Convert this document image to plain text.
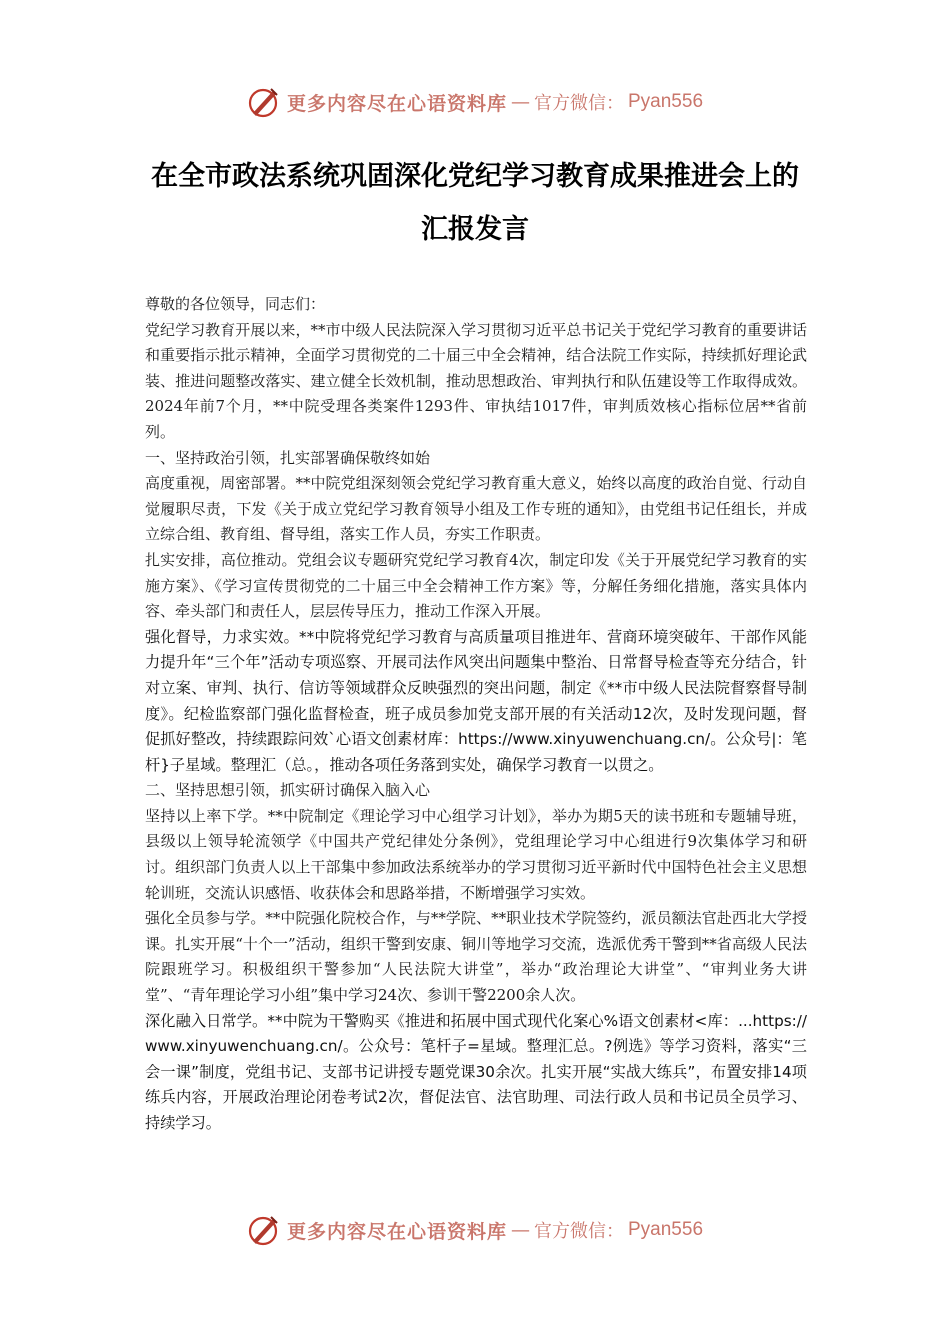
更多内容尽在心语资料库 — 官方微信： Pyan556
在全市政法系统巩固深化党纪学习教育成果推进会上的汇报发言

尊敬的各位领导，同志们：

党纪学习教育开展以来，**市中级人民法院深入学习贯彻习近平总书记关于党纪学习教育的重要讲话和重要指示批示精神，全面学习贯彻党的二十届三中全会精神，结合法院工作实际，持续抓好理论武装、推进问题整改落实、建立健全长效机制，推动思想政治、审判执行和队伍建设等工作取得成效。2024年前7个月，**中院受理各类案件1293件、审执结1017件，审判质效核心指标位居**省前列。

一、坚持政治引领，扎实部署确保敬终如始

高度重视，周密部署。**中院党组深刻领会党纪学习教育重大意义，始终以高度的政治自觉、行动自觉履职尽责，下发《关于成立党纪学习教育领导小组及工作专班的通知》，由党组书记任组长，并成立综合组、教育组、督导组，落实工作人员，夯实工作职责。

扎实安排，高位推动。党组会议专题研究党纪学习教育4次，制定印发《关于开展党纪学习教育的实施方案》、《学习宣传贯彻党的二十届三中全会精神工作方案》等，分解任务细化措施，落实具体内容、牵头部门和责任人，层层传导压力，推动工作深入开展。

强化督导，力求实效。**中院将党纪学习教育与高质量项目推进年、营商环境突破年、干部作风能力提升年“三个年”活动专项巡察、开展司法作风突出问题集中整治、日常督导检查等充分结合，针对立案、审判、执行、信访等领域群众反映强烈的突出问题，制定《**市中级人民法院督察督导制度》。纪检监察部门强化监督检查，班子成员参加党支部开展的有关活动12次，及时发现问题，督促抓好整改，持续跟踪问效`心语文创素材库：https://www.xinyuwenchuang.cn/。公众号|：笔杆}子星域。整理汇（总。，推动各项任务落到实处，确保学习教育一以贯之。

二、坚持思想引领，抓实研讨确保入脑入心

坚持以上率下学。**中院制定《理论学习中心组学习计划》，举办为期5天的读书班和专题辅导班，县级以上领导轮流领学《中国共产党纪律处分条例》，党组理论学习中心组进行9次集体学习和研讨。组织部门负责人以上干部集中参加政法系统举办的学习贯彻习近平新时代中国特色社会主义思想轮训班，交流认识感悟、收获体会和思路举措，不断增强学习实效。

强化全员参与学。**中院强化院校合作，与**学院、**职业技术学院签约，派员额法官赴西北大学授课。扎实开展“十个一”活动，组织干警到安康、铜川等地学习交流，选派优秀干警到**省高级人民法院跟班学习。积极组织干警参加“人民法院大讲堂”，举办“政治理论大讲堂”、“审判业务大讲堂”、“青年理论学习小组”集中学习24次、参训干警2200余人次。

深化融入日常学。**中院为干警购买《推进和拓展中国式现代化案心%语文创素材<库：...https://www.xinyuwenchuang.cn/。公众号：笔杆子=星域。整理汇总。?例选》等学习资料，落实“三会一课”制度，党组书记、支部书记讲授专题党课30余次。扎实开展“实战大练兵”，布置安排14项练兵内容，开展政治理论闭卷考试2次，督促法官、法官助理、司法行政人员和书记员全员学习、持续学习。

更多内容尽在心语资料库 — 官方微信： Pyan556
